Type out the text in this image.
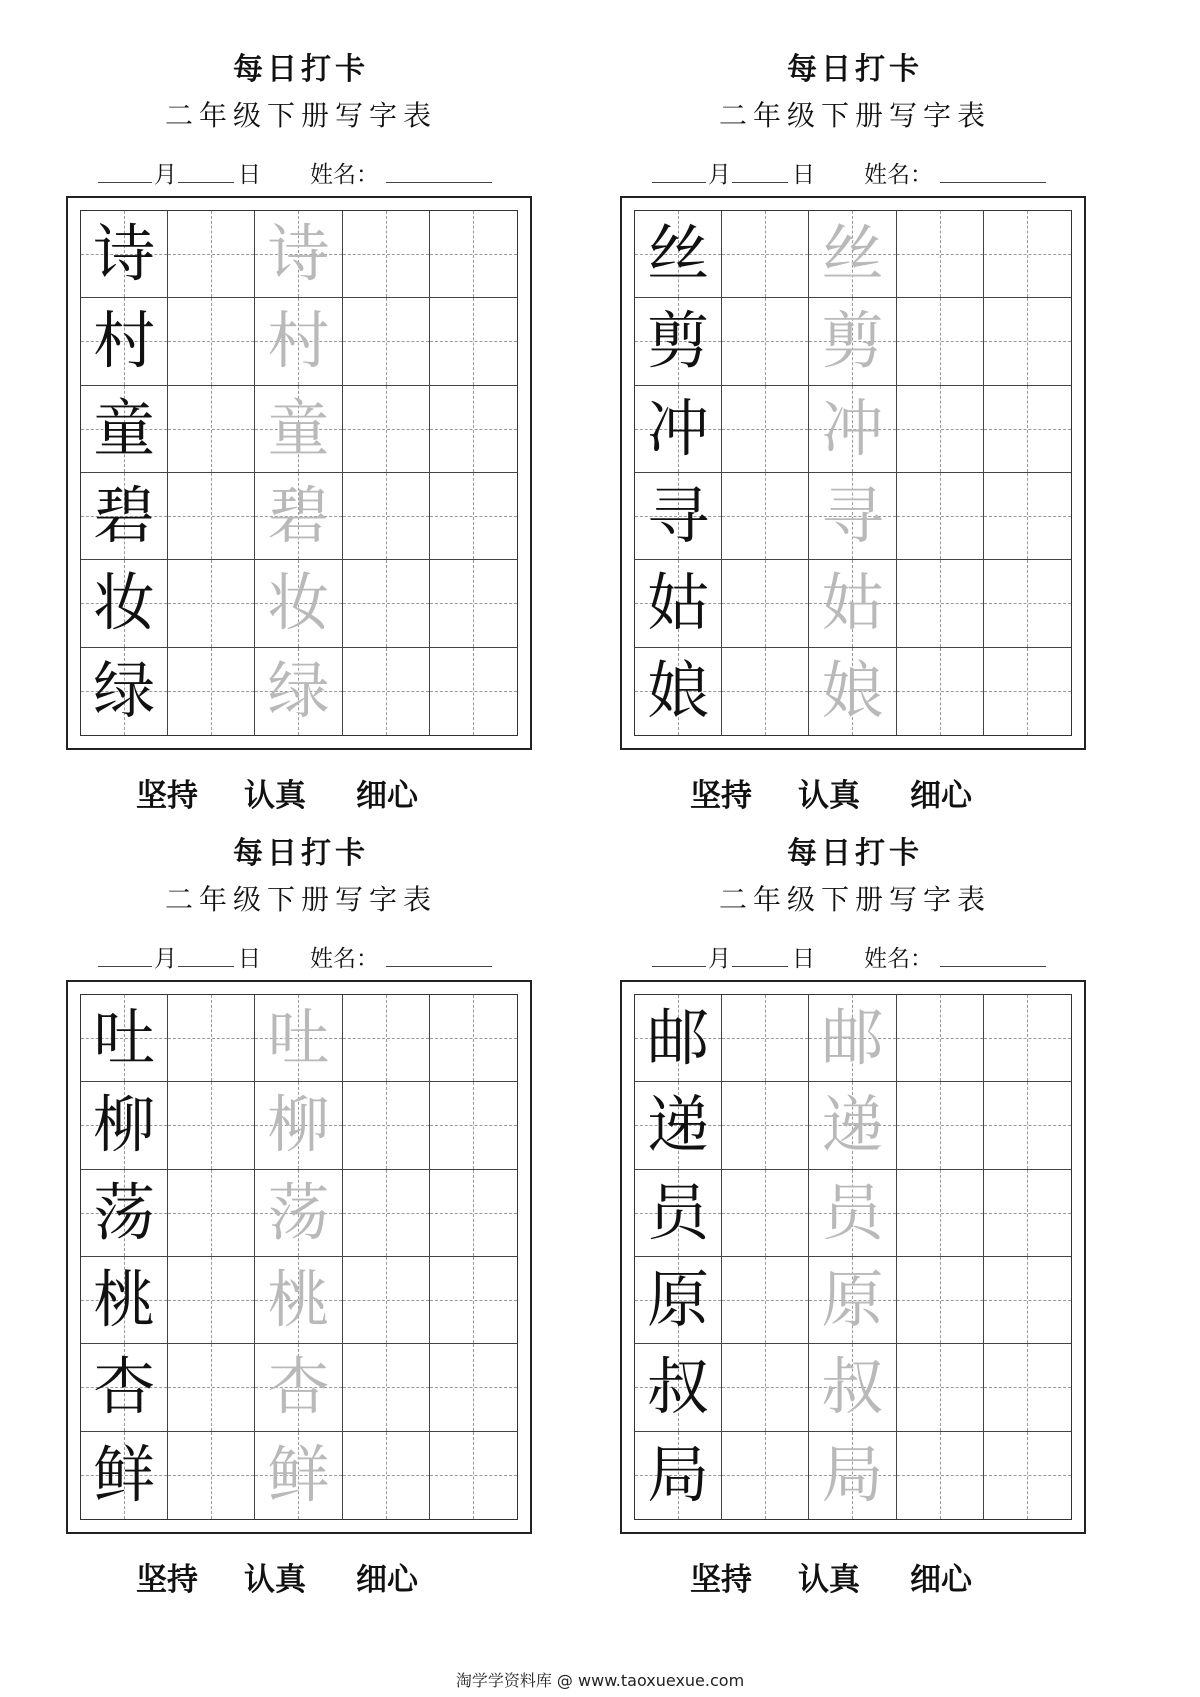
每日打卡
二年级下册写字表
月	日 姓名：
诗 诗
村 村
童 童
碧 碧
妆 妆
绿 绿
坚持 认真 细心
每日打卡
二年级下册写字表
月	日 姓名：
丝 丝
剪 剪
冲 冲
寻 寻
姑 姑
娘 娘
坚持 认真 细心
每日打卡
二年级下册写字表
月	日 姓名：
吐 吐
柳 柳
荡 荡
桃 桃
杏 杏
鲜 鲜
坚持 认真 细心
每日打卡
二年级下册写字表
月	日 姓名：
邮 邮
递 递
员 员
原 原
叔 叔
局 局
坚持 认真 细心
淘学学资料库 @ www.taoxuexue.com
